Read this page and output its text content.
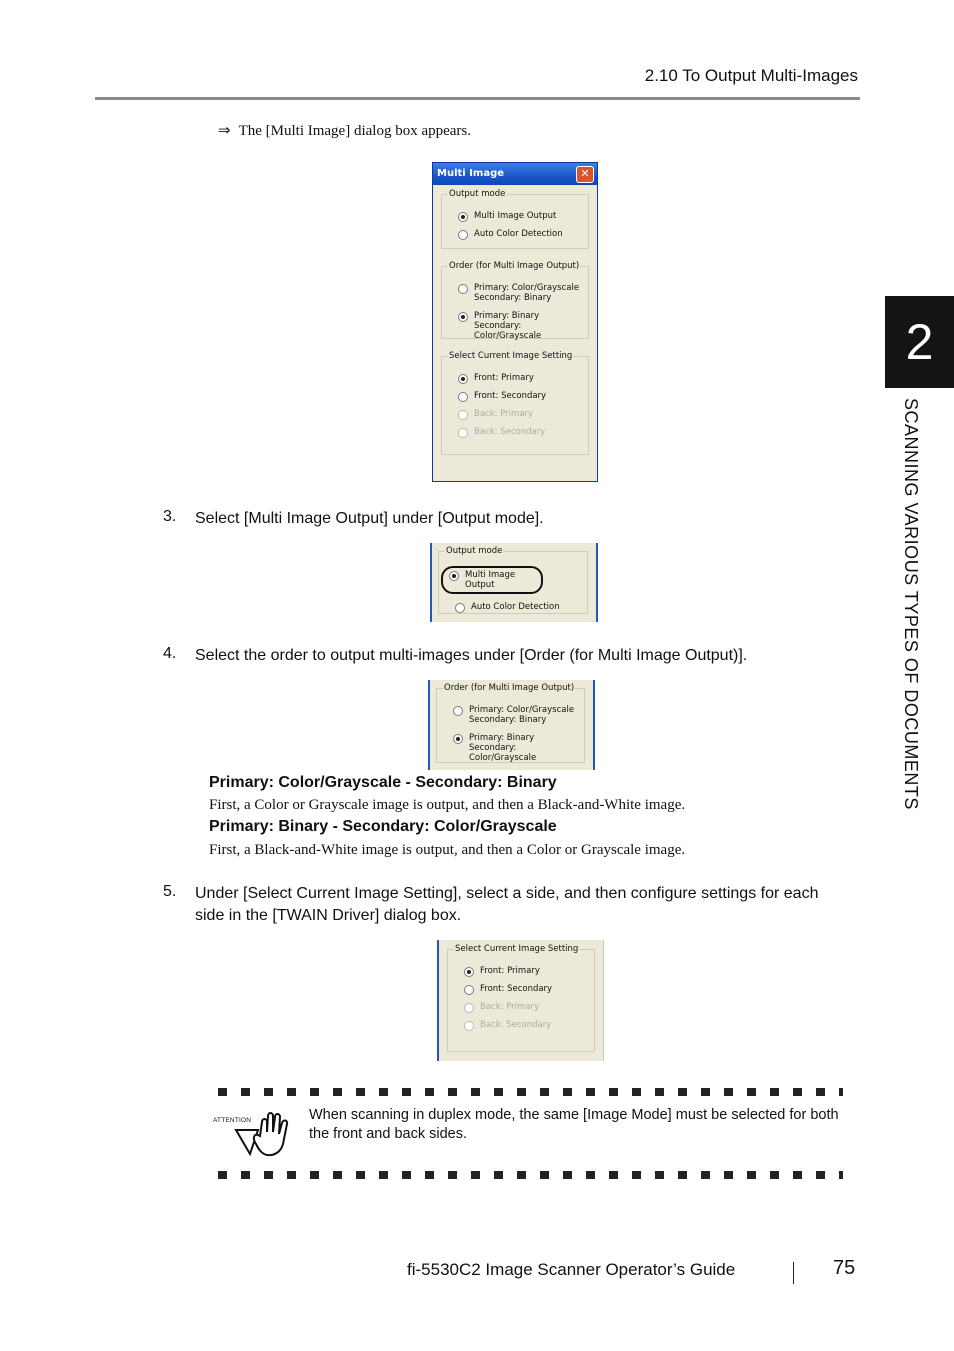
2.10 To Output Multi-Images
2
SCANNING VARIOUS TYPES OF DOCUMENTS
⇒ The [Multi Image] dialog box appears.
Multi Image	✕
Output mode
Multi Image Output
Auto Color Detection
Order (for Multi Image Output)
Primary: Color/Grayscale
Secondary: Binary
Primary: Binary
Secondary: Color/Grayscale
Select Current Image Setting
Front: Primary
Front: Secondary
Back: Primary
Back: Secondary
3. Select [Multi Image Output] under [Output mode].
Output mode
Multi Image Output
Auto Color Detection
4. Select the order to output multi-images under [Order (for Multi Image Output)].
Order (for Multi Image Output)
Primary: Color/Grayscale
Secondary: Binary
Primary: Binary
Secondary: Color/Grayscale
Primary: Color/Grayscale - Secondary: Binary
First, a Color or Grayscale image is output, and then a Black-and-White image.
Primary: Binary - Secondary: Color/Grayscale
First, a Black-and-White image is output, and then a Color or Grayscale image.
5. Under [Select Current Image Setting], select a side, and then configure settings for each side in the [TWAIN Driver] dialog box.
Select Current Image Setting
Front: Primary
Front: Secondary
Back: Primary
Back: Secondary
ATTENTION	When scanning in duplex mode, the same [Image Mode] must be selected for both the front and back sides.
fi-5530C2 Image Scanner Operator’s Guide	75
